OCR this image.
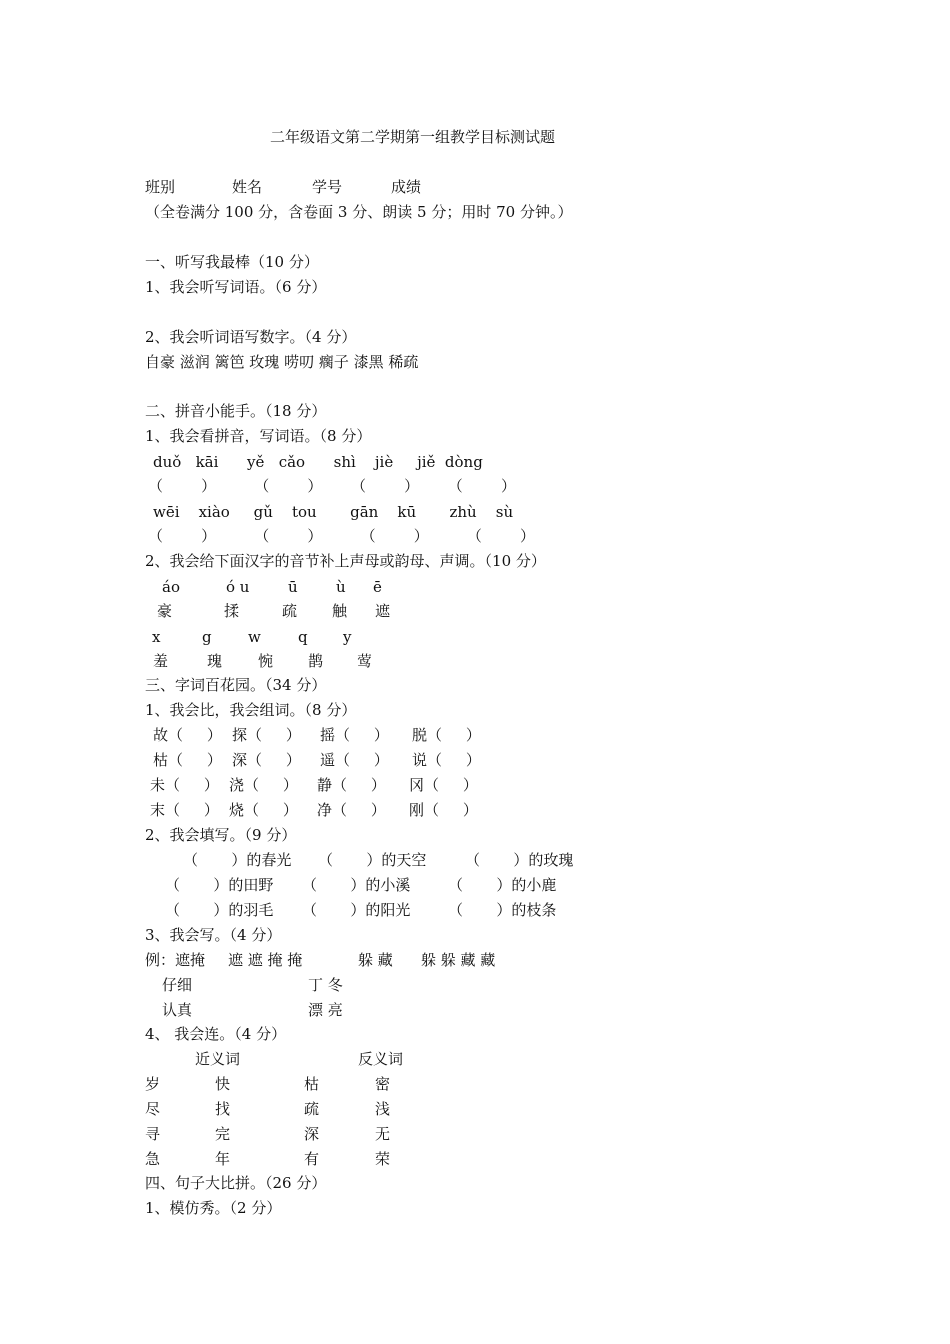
二年级语文第二学期第一组教学目标测试题
班别	姓名	学号	成绩
（全卷满分 100 分，含卷面 3 分、朗读 5 分；用时 70 分钟。）
一、听写我最棒（10 分）
1、我会听写词语。（6 分）
2、我会听词语写数字。（4 分）
自豪 滋润 篱笆 玫瑰 唠叨 瘸子 漆黑 稀疏
二、拼音小能手。（18 分）
1、我会看拼音，写词语。（8 分）
duǒ   kāi      yě   cǎo      shì    jiè     jiě  dòng
（        ）        （        ）      （        ）      （        ）
wēi    xiào     gǔ    tou       gān    kū       zhù    sù
（        ）        （        ）        （        ）        （        ）
2、我会给下面汉字的音节补上声母或韵母、声调。（10 分）
áo	ó u	ū	ù ē
豪	揉	疏 触 遮
x	g w q y
羞	瑰 惋 鹊 莺
三、字词百花园。（34 分）
1、我会比，我会组词。（8 分）
故（     ） 探（     ） 摇（     ） 脱（     ）
枯（     ） 深（     ） 遥（     ） 说（     ）
未（     ） 浇（     ） 静（     ） 冈（     ）
末（     ） 烧（     ） 净（     ） 刚（     ）
2、我会填写。（9 分）
（       ）的春光 （       ）的天空	（       ）的玫瑰
（       ）的田野 （       ）的小溪	（       ）的小鹿
（       ）的羽毛 （       ）的阳光	（       ）的枝条
3、我会写。（4 分）
例：遮掩 遮 遮 掩 掩	躲 藏 躲 躲 藏 藏
仔细	丁 冬
认真	漂 亮
4、 我会连。（4 分）
近义词	反义词
岁	快	枯	密
尽	找	疏	浅
寻	完	深	无
急	年	有	荣
四、句子大比拼。（26 分）
1、模仿秀。（2 分）
